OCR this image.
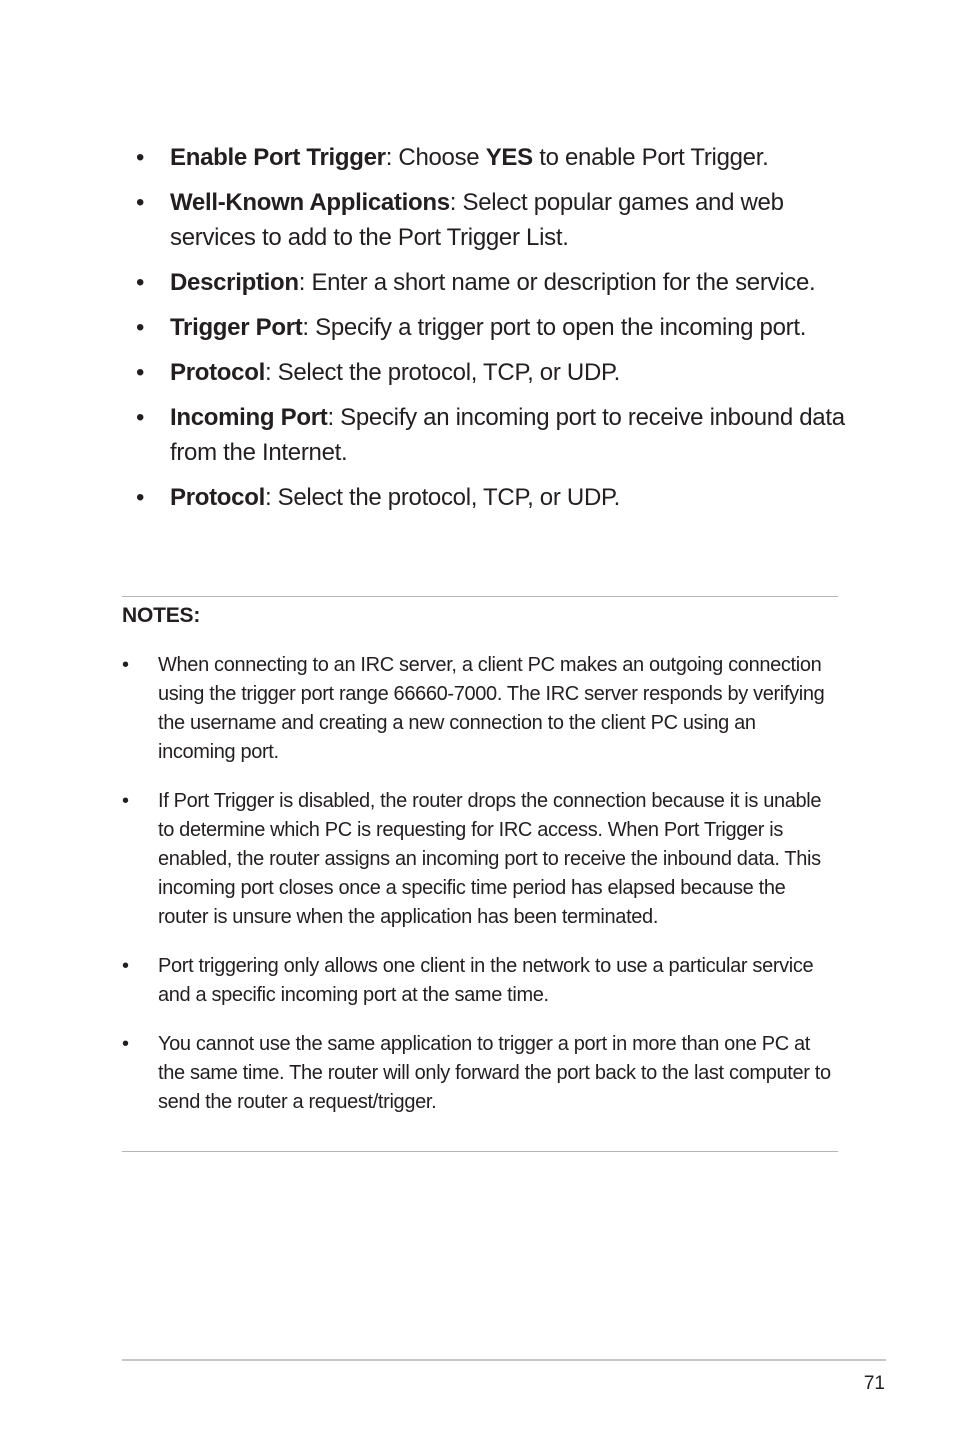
•	Enable Port Trigger: Choose YES to enable Port Trigger.
•	Well-Known Applications: Select popular games and web services to add to the Port Trigger List.
•	Description: Enter a short name or description for the service.
•	Trigger Port: Specify a trigger port to open the incoming port.
•	Protocol: Select the protocol, TCP, or UDP.
•	Incoming Port: Specify an incoming port to receive inbound data from the Internet.
•	Protocol: Select the protocol, TCP, or UDP.
NOTES:
•	When connecting to an IRC server, a client PC makes an outgoing connection using the trigger port range 66660-7000. The IRC server responds by verifying the username and creating a new connection to the client PC using an incoming port.
•	If Port Trigger is disabled, the router drops the connection because it is unable to determine which PC is requesting for IRC access. When Port Trigger is enabled, the router assigns an incoming port to receive the inbound data. This incoming port closes once a specific time period has elapsed because the router is unsure when the application has been terminated.
•	Port triggering only allows one client in the network to use a particular service and a specific incoming port at the same time.
•	You cannot use the same application to trigger a port in more than one PC at the same time. The router will only forward the port back to the last computer to send the router a request/trigger.
71
